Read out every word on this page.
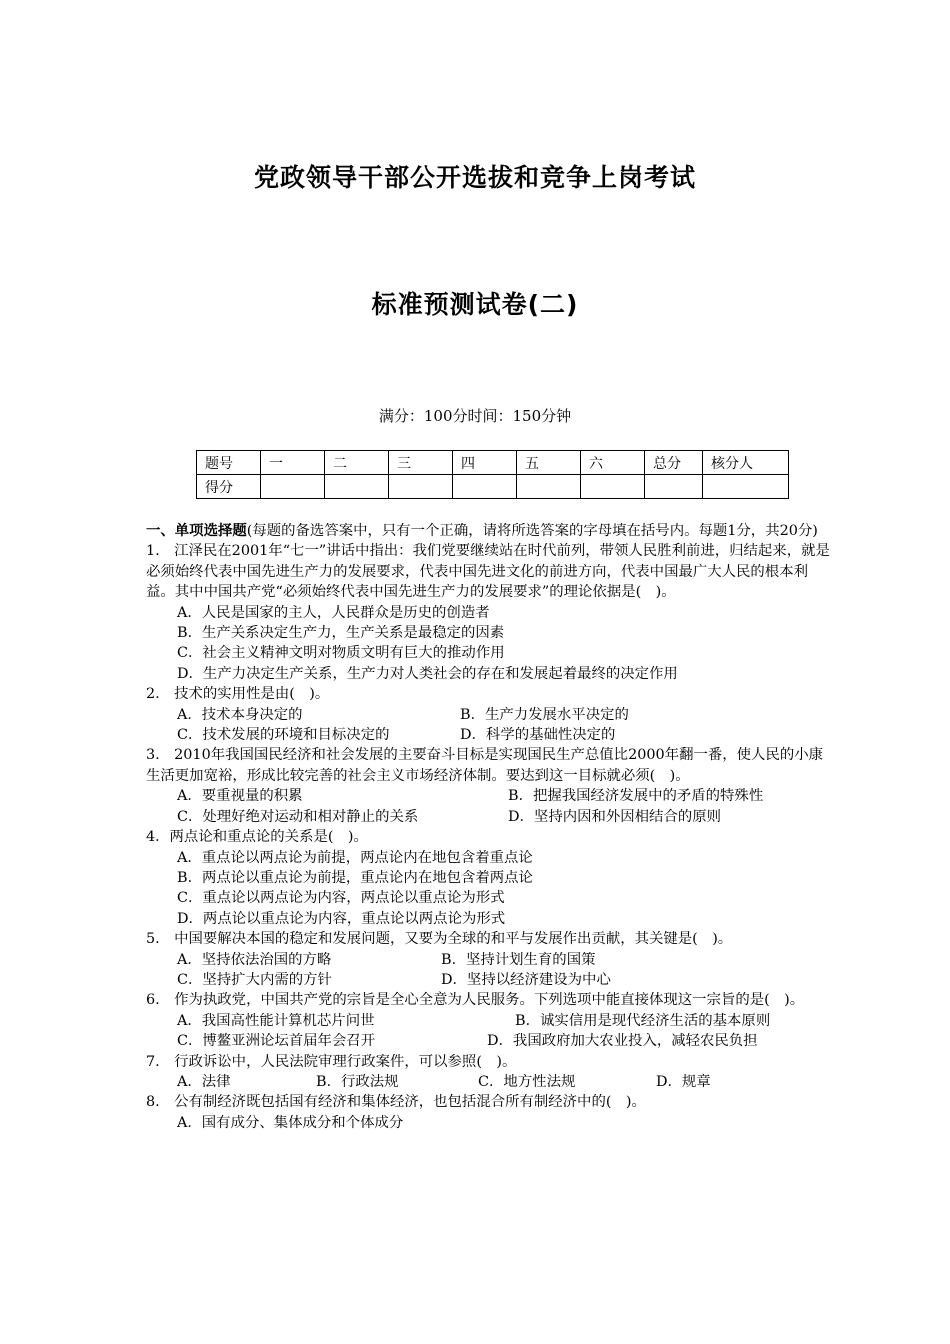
党政领导干部公开选拔和竞争上岗考试
标准预测试卷(二)
满分：100分时间：150分钟
题号	一	二	三	四	五	六	总分	核分人
得分								

一、单项选择题(每题的备选答案中，只有一个正确，请将所选答案的字母填在括号内。每题1分，共20分)

1.　江泽民在2001年“七一”讲话中指出：我们党要继续站在时代前列，带领人民胜利前进，归结起来，就是必须始终代表中国先进生产力的发展要求，代表中国先进文化的前进方向，代表中国最广大人民的根本利益。其中中国共产党“必须始终代表中国先进生产力的发展要求”的理论依据是(　)。

A．人民是国家的主人，人民群众是历史的创造者

B．生产关系决定生产力，生产关系是最稳定的因素

C．社会主义精神文明对物质文明有巨大的推动作用

D．生产力决定生产关系，生产力对人类社会的存在和发展起着最终的决定作用

2.　技术的实用性是由(　)。

A．技术本身决定的	B．生产力发展水平决定的

C．技术发展的环境和目标决定的	D．科学的基础性决定的

3.　2010年我国国民经济和社会发展的主要奋斗目标是实现国民生产总值比2000年翻一番，使人民的小康生活更加宽裕，形成比较完善的社会主义市场经济体制。要达到这一目标就必须(　)。

A．要重视量的积累	B．把握我国经济发展中的矛盾的特殊性

C．处理好绝对运动和相对静止的关系	D．坚持内因和外因相结合的原则

4．两点论和重点论的关系是(　)。

A．重点论以两点论为前提，两点论内在地包含着重点论

B．两点论以重点论为前提，重点论内在地包含着两点论

C．重点论以两点论为内容，两点论以重点论为形式

D．两点论以重点论为内容，重点论以两点论为形式

5.　中国要解决本国的稳定和发展问题，又要为全球的和平与发展作出贡献，其关键是(　)。

A．坚持依法治国的方略	B．坚持计划生育的国策

C．坚持扩大内需的方针	D．坚持以经济建设为中心

6.　作为执政党，中国共产党的宗旨是全心全意为人民服务。下列选项中能直接体现这一宗旨的是(　)。

A．我国高性能计算机芯片问世	B．诚实信用是现代经济生活的基本原则

C．博鳌亚洲论坛首届年会召开	D．我国政府加大农业投入，减轻农民负担

7.　行政诉讼中，人民法院审理行政案件，可以参照(　)。

A．法律	B．行政法规	C．地方性法规	D．规章

8.　公有制经济既包括国有经济和集体经济，也包括混合所有制经济中的(　)。

A．国有成分、集体成分和个体成分
